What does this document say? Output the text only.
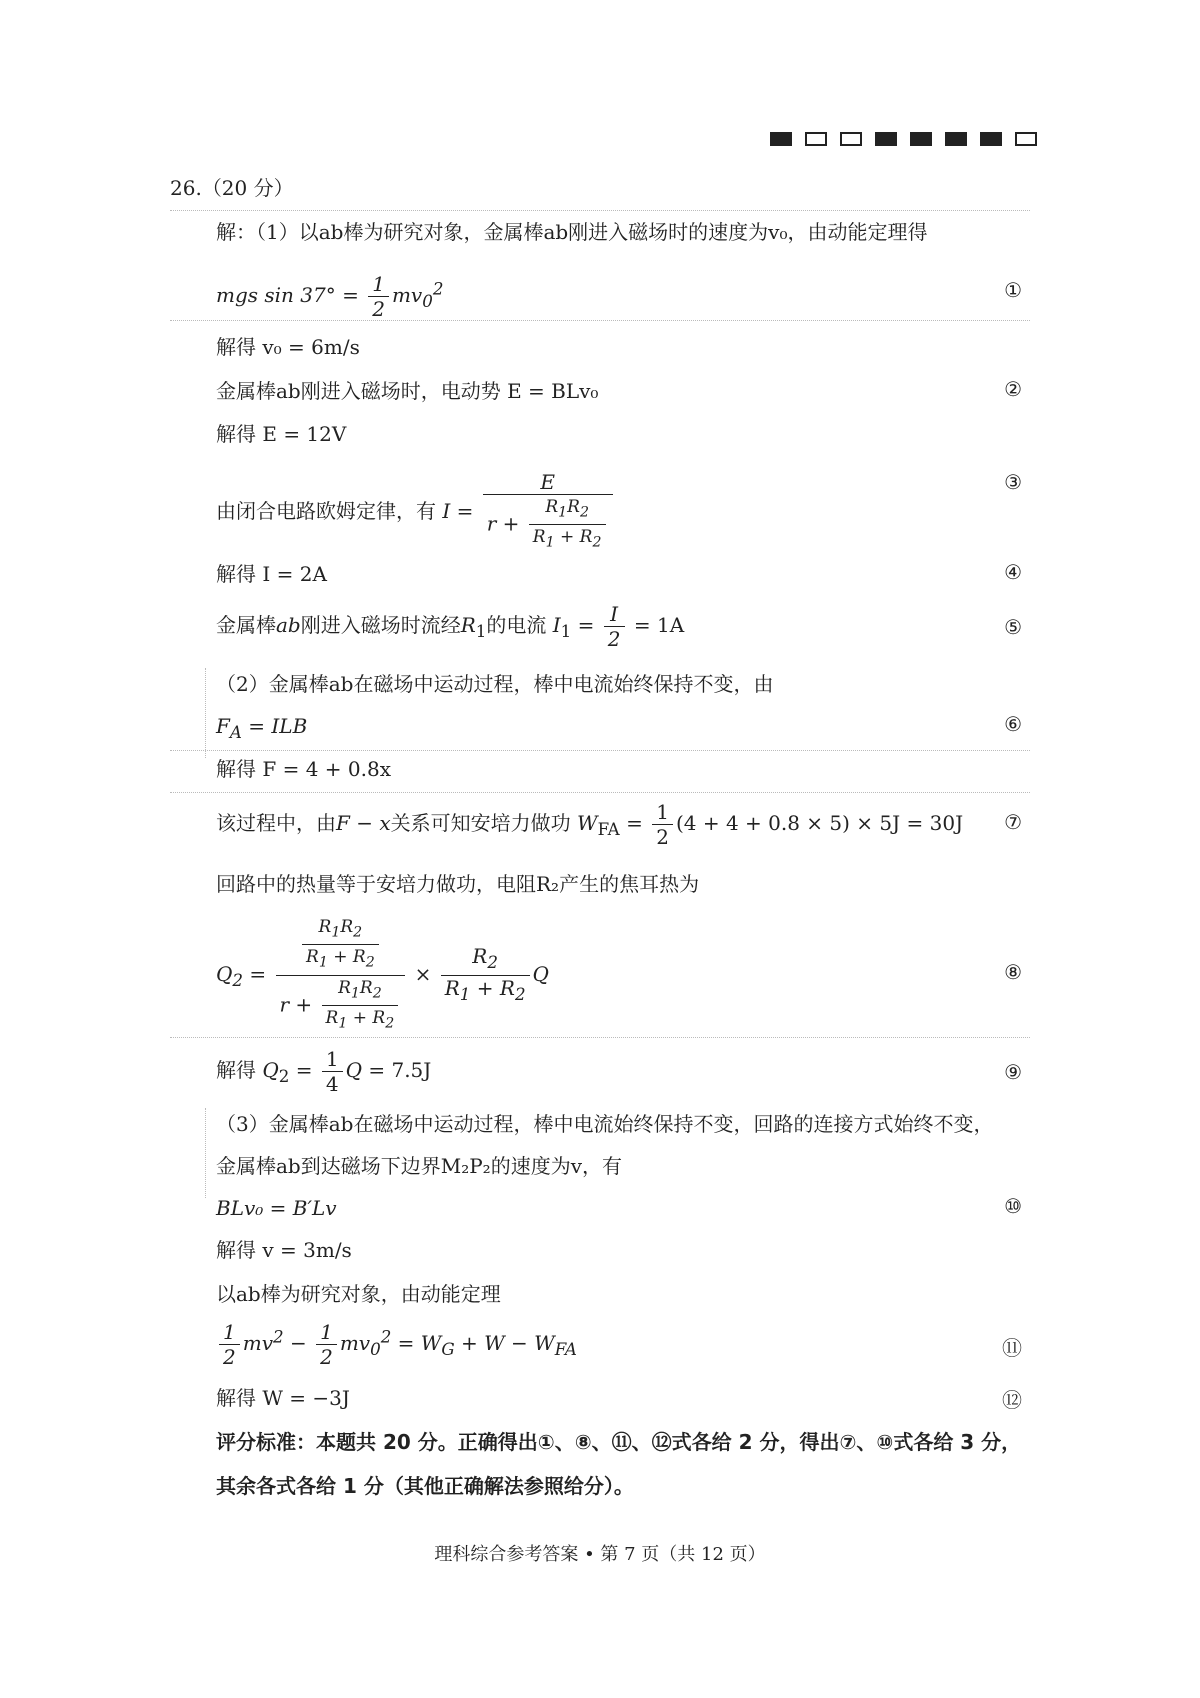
26.（20 分）
解：（1）以ab棒为研究对象，金属棒ab刚进入磁场时的速度为v₀，由动能定理得
mgs $\sin 37^\circ = \frac{1}{2} mv_0^2$	①
解得 v₀ = 6m/s
金属棒ab刚进入磁场时，电动势 E = BLv₀	②
解得 E = 12V
由闭合电路欧姆定律，有 $I = \frac{E}{r + \frac{R_1R_2}{R_1 + R_2}}$	③
解得 I = 2A	④
金属棒ab刚进入磁场时流经$R_1$的电流 $I_1 = \frac{I}{2} = 1A$	⑤
（2）金属棒ab在磁场中运动过程，棒中电流始终保持不变，由
$F_A$ = ILB	⑥
解得 F = 4 + 0.8x
该过程中，由F − x关系可知安培力做功 $W_{FA} = \frac{1}{2} (4 + 4 + 0.8 \times 5) \times 5J = 30J$	⑦
回路中的热量等于安培力做功，电阻R₂产生的焦耳热为
$Q_2 = \frac{\frac{R_1R_2}{R_1 + R_2}}{r + \frac{R_1R_2}{R_1 + R_2}} \times \frac{R_2}{R_1 + R_2}$ Q	⑧
解得 $Q_2 = \frac{1}{4}$ Q = 7.5J	⑨
（3）金属棒ab在磁场中运动过程，棒中电流始终保持不变，回路的连接方式始终不变，
金属棒ab到达磁场下边界M₂P₂的速度为v，有
BLv₀ = B′Lv	⑩
解得 v = 3m/s
以ab棒为研究对象，由动能定理
$\frac{1}{2} mv^2 - \frac{1}{2} mv_0^2 = W_G + W - W_{FA}$	⑪
解得 W = −3J	⑫
评分标准：本题共 20 分。正确得出①、⑧、⑪、⑫式各给 2 分，得出⑦、⑩式各给 3 分，
其余各式各给 1 分（其他正确解法参照给分）。
理科综合参考答案 • 第 7 页（共 12 页）
